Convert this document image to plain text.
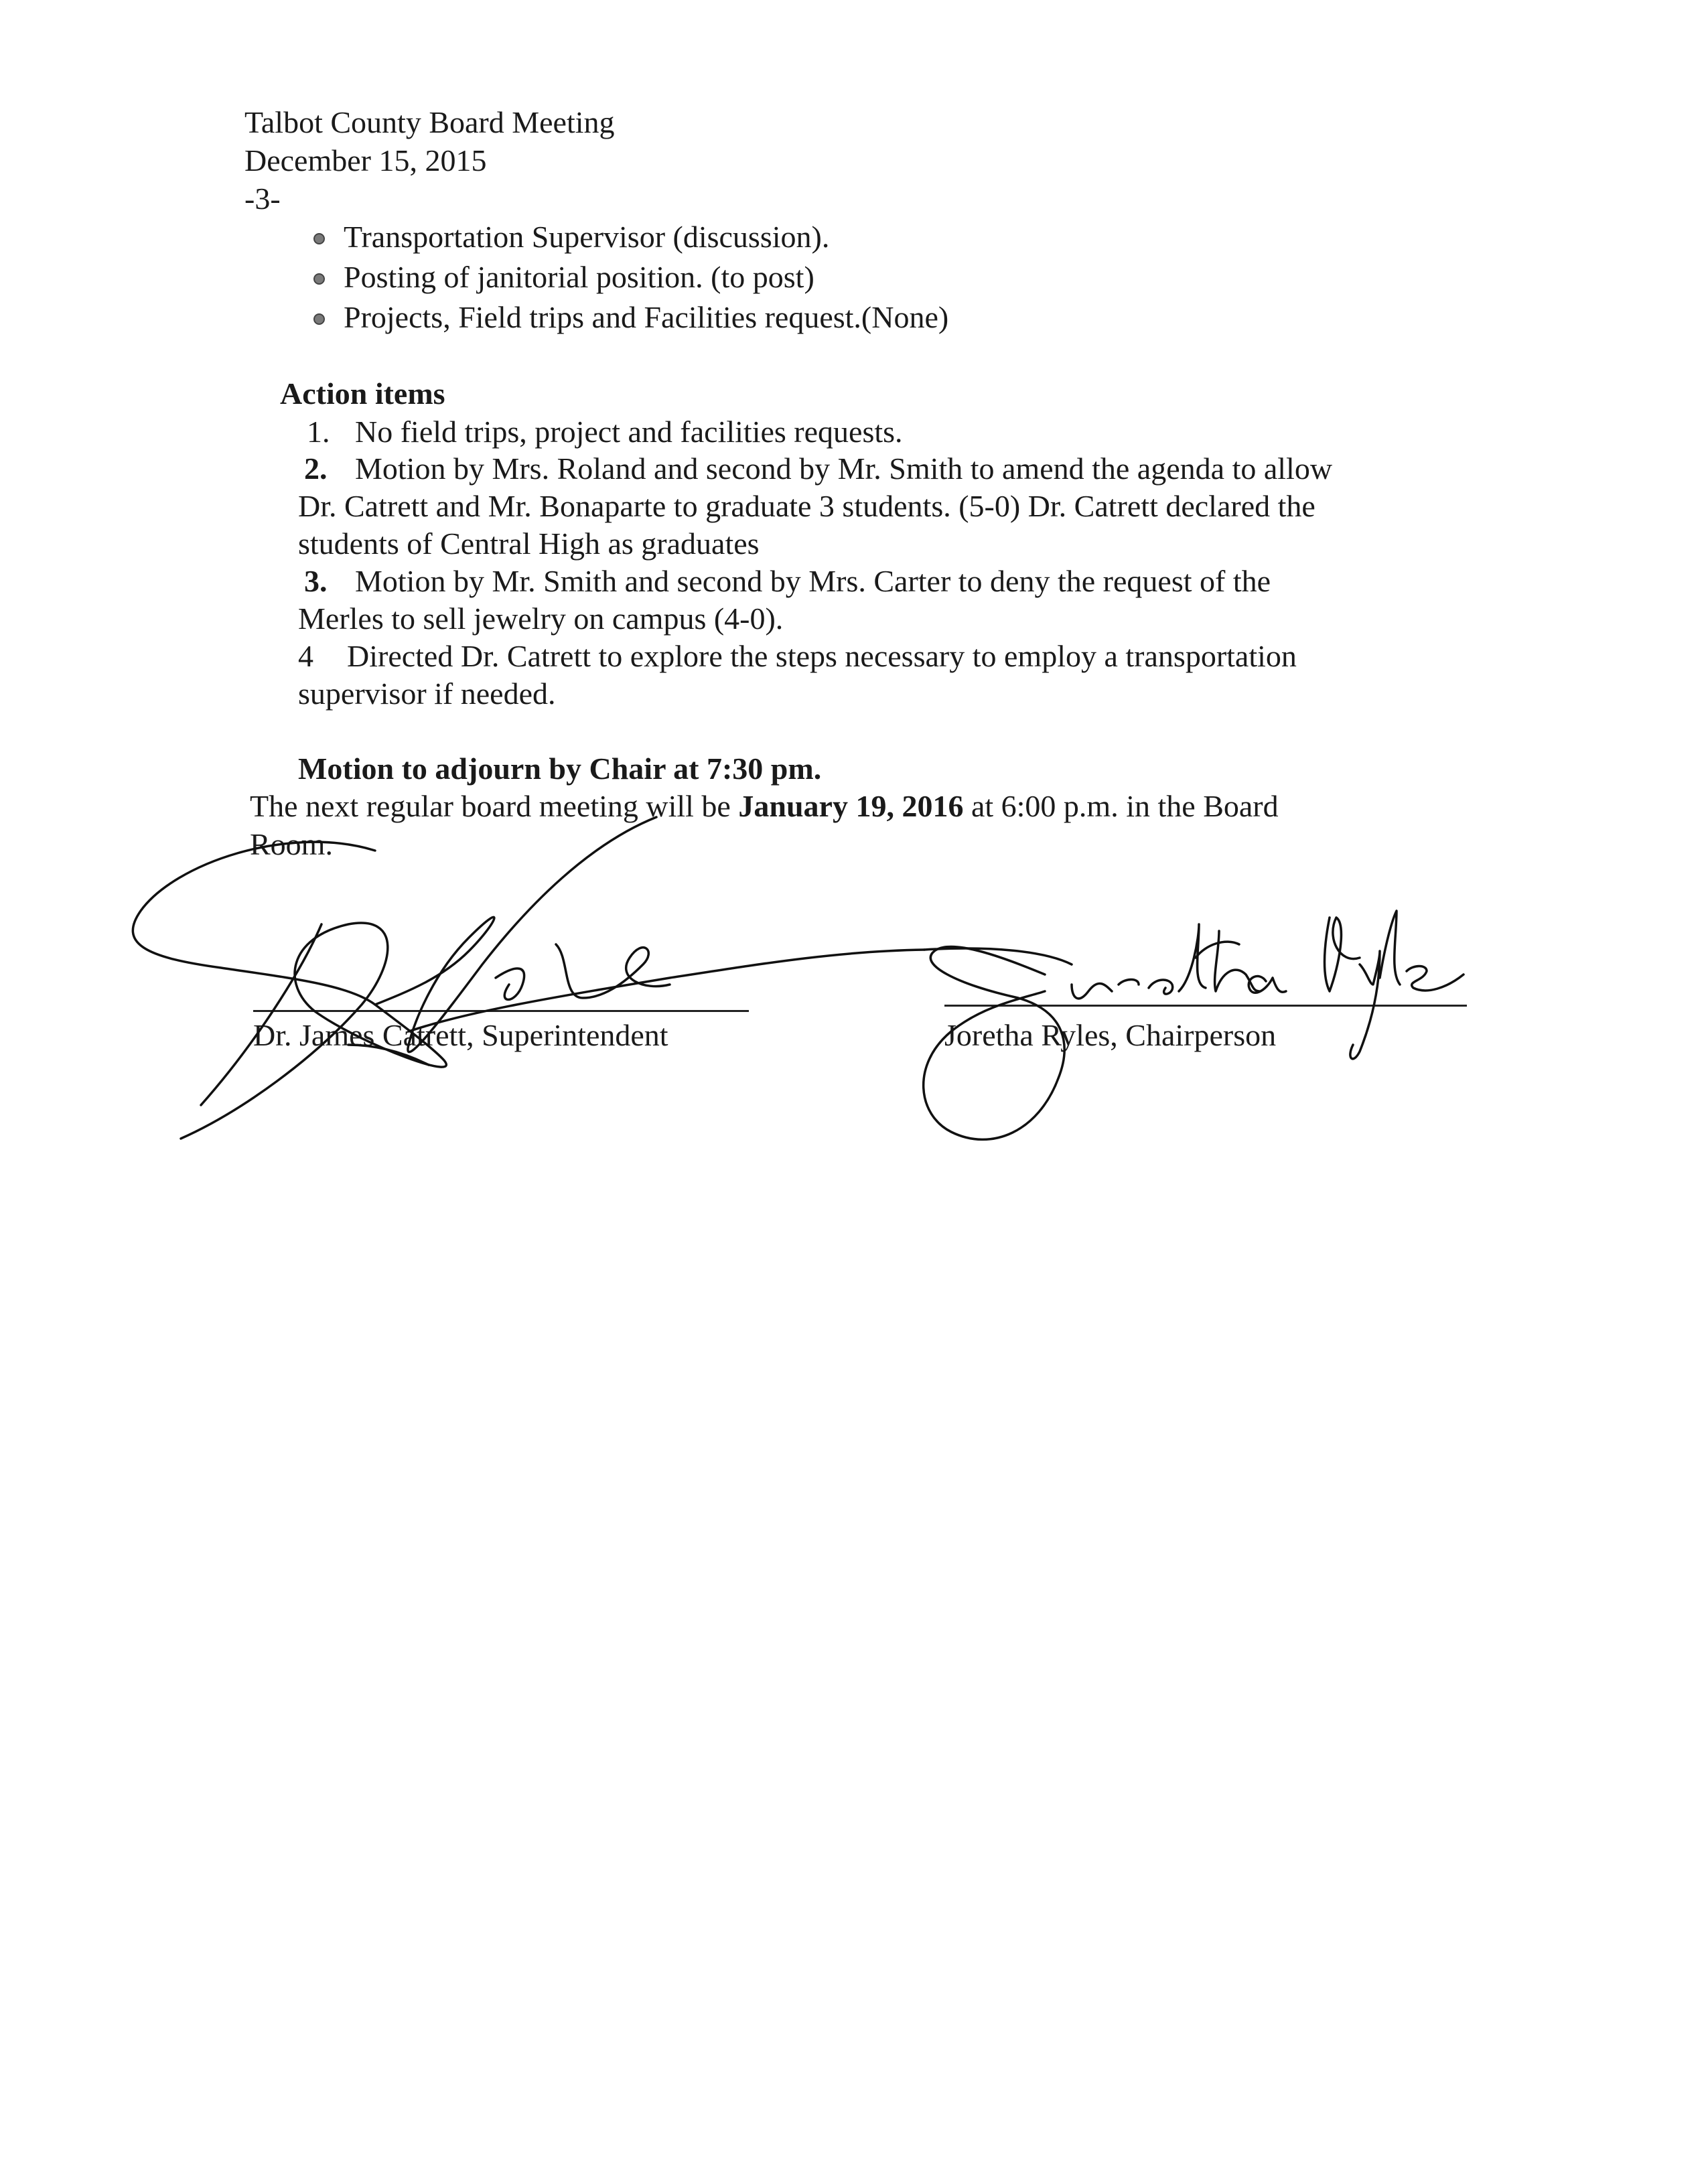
Talbot County Board Meeting
December 15, 2015
-3-
Transportation Supervisor (discussion).
Posting of janitorial position. (to post)
Projects, Field trips and Facilities request.(None)
Action items
1. No field trips, project and facilities requests.
2. Motion by Mrs. Roland and second by Mr. Smith to amend the agenda to allow
Dr. Catrett and Mr. Bonaparte to graduate 3 students. (5-0) Dr. Catrett declared the
students of Central High as graduates
3. Motion by Mr. Smith and second by Mrs. Carter to deny the request of the
Merles to sell jewelry on campus (4-0).
4 Directed Dr. Catrett to explore the steps necessary to employ a transportation
supervisor if needed.
Motion to adjourn by Chair at 7:30 pm.
The next regular board meeting will be January 19, 2016 at 6:00 p.m. in the Board
Room.
Dr. James Catrett, Superintendent	Joretha Ryles, Chairperson
